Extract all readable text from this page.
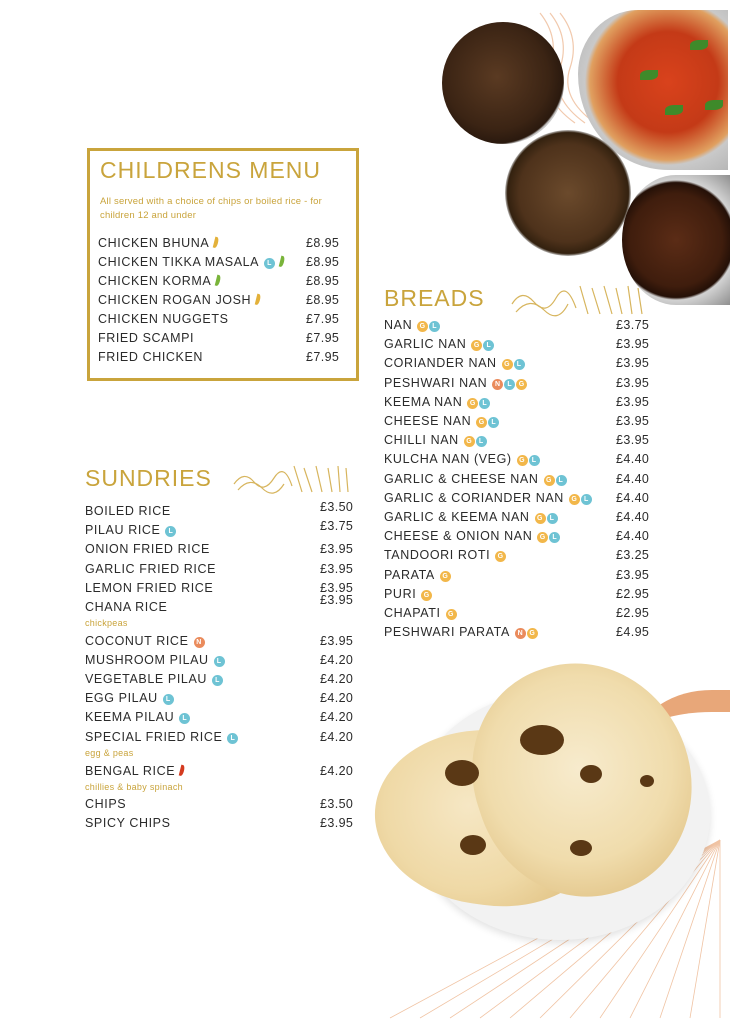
CHILDRENS MENU
All served with a choice of chips or boiled rice - for children 12 and under
CHICKEN BHUNA	£8.95
CHICKEN TIKKA MASALA L	£8.95
CHICKEN KORMA	£8.95
CHICKEN ROGAN JOSH	£8.95
CHICKEN NUGGETS	£7.95
FRIED SCAMPI	£7.95
FRIED CHICKEN	£7.95
SUNDRIES
BOILED RICE	£3.50
PILAU RICE L	£3.75
ONION FRIED RICE	£3.95
GARLIC FRIED RICE	£3.95
LEMON FRIED RICE	£3.95
CHANA RICE	£3.95
chickpeas
COCONUT RICE N	£3.95
MUSHROOM PILAU L	£4.20
VEGETABLE PILAU L	£4.20
EGG PILAU L	£4.20
KEEMA PILAU L	£4.20
SPECIAL FRIED RICE L	£4.20
egg & peas
BENGAL RICE	£4.20
chillies & baby spinach
CHIPS	£3.50
SPICY CHIPS	£3.95
BREADS
NAN G L	£3.75
GARLIC NAN G L	£3.95
CORIANDER NAN G L	£3.95
PESHWARI NAN N L G	£3.95
KEEMA NAN G L	£3.95
CHEESE NAN G L	£3.95
CHILLI NAN G L	£3.95
KULCHA NAN (VEG) G L	£4.40
GARLIC & CHEESE NAN G L	£4.40
GARLIC & CORIANDER NAN G L £4.40
GARLIC & KEEMA NAN G L	£4.40
CHEESE & ONION NAN G L	£4.40
TANDOORI ROTI G	£3.25
PARATA G	£3.95
PURI G	£2.95
CHAPATI G	£2.95
PESHWARI PARATA N G	£4.95
